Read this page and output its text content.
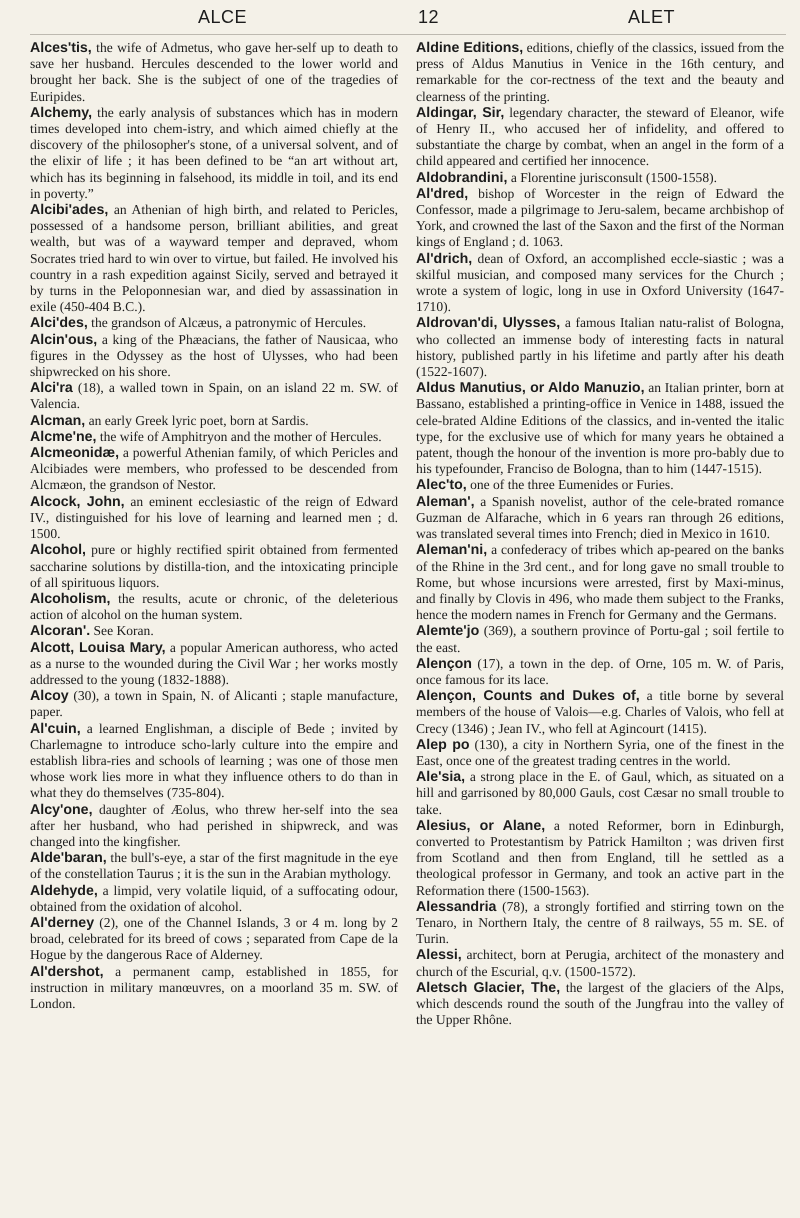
ALCE	12	ALET

Alces'tis, the wife of Admetus, who gave her-self up to death to save her husband. Hercules descended to the lower world and brought her back. She is the subject of one of the tragedies of Euripides.

Alchemy, the early analysis of substances which has in modern times developed into chem-istry, and which aimed chiefly at the discovery of the philosopher's stone, of a universal solvent, and of the elixir of life ; it has been defined to be “an art without art, which has its beginning in falsehood, its middle in toil, and its end in poverty.”

Alcibi'ades, an Athenian of high birth, and related to Pericles, possessed of a handsome person, brilliant abilities, and great wealth, but was of a wayward temper and depraved, whom Socrates tried hard to win over to virtue, but failed. He involved his country in a rash expedition against Sicily, served and betrayed it by turns in the Peloponnesian war, and died by assassination in exile (450-404 B.C.).

Alci'des, the grandson of Alcæus, a patronymic of Hercules.

Alcin'ous, a king of the Phæacians, the father of Nausicaa, who figures in the Odyssey as the host of Ulysses, who had been shipwrecked on his shore.

Alci'ra (18), a walled town in Spain, on an island 22 m. SW. of Valencia.

Alcman, an early Greek lyric poet, born at Sardis.

Alcme'ne, the wife of Amphitryon and the mother of Hercules.

Alcmeonidæ, a powerful Athenian family, of which Pericles and Alcibiades were members, who professed to be descended from Alcmæon, the grandson of Nestor.

Alcock, John, an eminent ecclesiastic of the reign of Edward IV., distinguished for his love of learning and learned men ; d. 1500.

Alcohol, pure or highly rectified spirit obtained from fermented saccharine solutions by distilla-tion, and the intoxicating principle of all spirituous liquors.

Alcoholism, the results, acute or chronic, of the deleterious action of alcohol on the human system.

Alcoran'. See Koran.

Alcott, Louisa Mary, a popular American authoress, who acted as a nurse to the wounded during the Civil War ; her works mostly addressed to the young (1832-1888).

Alcoy (30), a town in Spain, N. of Alicanti ; staple manufacture, paper.

Al'cuin, a learned Englishman, a disciple of Bede ; invited by Charlemagne to introduce scho-larly culture into the empire and establish libra-ries and schools of learning ; was one of those men whose work lies more in what they influence others to do than in what they do themselves (735-804).

Alcy'one, daughter of Æolus, who threw her-self into the sea after her husband, who had perished in shipwreck, and was changed into the kingfisher.

Alde'baran, the bull's-eye, a star of the first magnitude in the eye of the constellation Taurus ; it is the sun in the Arabian mythology.

Aldehyde, a limpid, very volatile liquid, of a suffocating odour, obtained from the oxidation of alcohol.

Al'derney (2), one of the Channel Islands, 3 or 4 m. long by 2 broad, celebrated for its breed of cows ; separated from Cape de la Hogue by the dangerous Race of Alderney.

Al'dershot, a permanent camp, established in 1855, for instruction in military manœuvres, on a moorland 35 m. SW. of London.

Aldine Editions, editions, chiefly of the classics, issued from the press of Aldus Manutius in Venice in the 16th century, and remarkable for the cor-rectness of the text and the beauty and clearness of the printing.

Aldingar, Sir, legendary character, the steward of Eleanor, wife of Henry II., who accused her of infidelity, and offered to substantiate the charge by combat, when an angel in the form of a child appeared and certified her innocence.

Aldobrandini, a Florentine jurisconsult (1500-1558).

Al'dred, bishop of Worcester in the reign of Edward the Confessor, made a pilgrimage to Jeru-salem, became archbishop of York, and crowned the last of the Saxon and the first of the Norman kings of England ; d. 1063.

Al'drich, dean of Oxford, an accomplished eccle-siastic ; was a skilful musician, and composed many services for the Church ; wrote a system of logic, long in use in Oxford University (1647-1710).

Aldrovan'di, Ulysses, a famous Italian natu-ralist of Bologna, who collected an immense body of interesting facts in natural history, published partly in his lifetime and partly after his death (1522-1607).

Aldus Manutius, or Aldo Manuzio, an Italian printer, born at Bassano, established a printing-office in Venice in 1488, issued the cele-brated Aldine Editions of the classics, and in-vented the italic type, for the exclusive use of which for many years he obtained a patent, though the honour of the invention is more pro-bably due to his typefounder, Franciso de Bologna, than to him (1447-1515).

Alec'to, one of the three Eumenides or Furies.

Aleman', a Spanish novelist, author of the cele-brated romance Guzman de Alfarache, which in 6 years ran through 26 editions, was translated several times into French; died in Mexico in 1610.

Aleman'ni, a confederacy of tribes which ap-peared on the banks of the Rhine in the 3rd cent., and for long gave no small trouble to Rome, but whose incursions were arrested, first by Maxi-minus, and finally by Clovis in 496, who made them subject to the Franks, hence the modern names in French for Germany and the Germans.

Alemte'jo (369), a southern province of Portu-gal ; soil fertile to the east.

Alençon (17), a town in the dep. of Orne, 105 m. W. of Paris, once famous for its lace.

Alençon, Counts and Dukes of, a title borne by several members of the house of Valois—e.g. Charles of Valois, who fell at Crecy (1346) ; Jean IV., who fell at Agincourt (1415).

Alep po (130), a city in Northern Syria, one of the finest in the East, once one of the greatest trading centres in the world.

Ale'sia, a strong place in the E. of Gaul, which, as situated on a hill and garrisoned by 80,000 Gauls, cost Cæsar no small trouble to take.

Alesius, or Alane, a noted Reformer, born in Edinburgh, converted to Protestantism by Patrick Hamilton ; was driven first from Scotland and then from England, till he settled as a theological professor in Germany, and took an active part in the Reformation there (1500-1563).

Alessandria (78), a strongly fortified and stirring town on the Tenaro, in Northern Italy, the centre of 8 railways, 55 m. SE. of Turin.

Alessi, architect, born at Perugia, architect of the monastery and church of the Escurial, q.v. (1500-1572).

Aletsch Glacier, The, the largest of the glaciers of the Alps, which descends round the south of the Jungfrau into the valley of the Upper Rhône.
